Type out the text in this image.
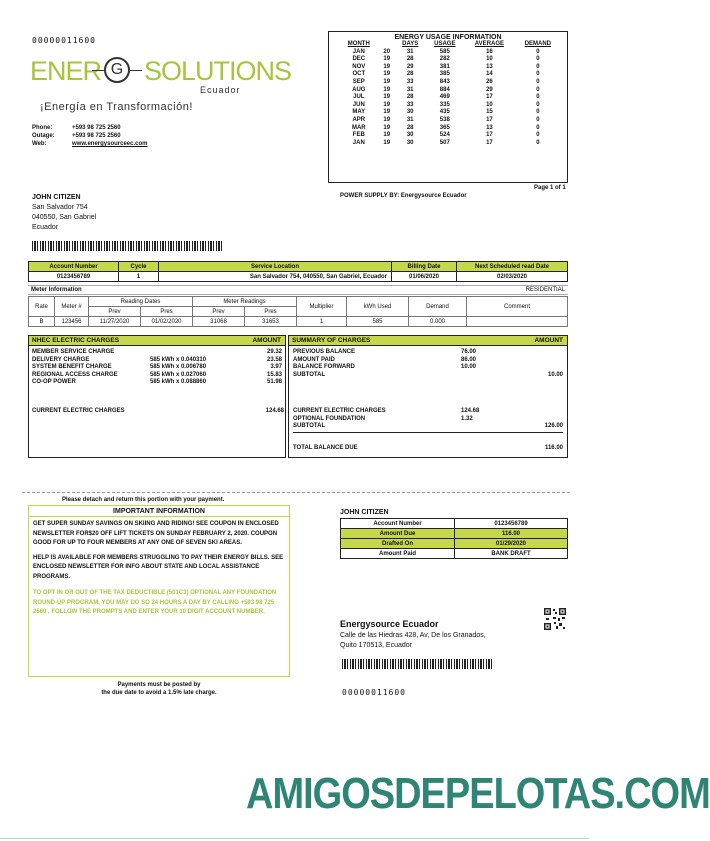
00000011600
ENER G SOLUTIONS
Ecuador
¡Energía en Transformación!
Phone:	+593 98 725 2560
Outage:	+593 98 725 2560
Web:	www.energysourceec.com
ENERGY USAGE INFORMATION
MONTH		DAYS	USAGE	AVERAGE	DEMAND
JAN	20	31	585	16	0
DEC	19	28	282	10	0
NOV	19	29	381	13	0
OCT	19	28	385	14	0
SEP	19	33	843	26	0
AUG	19	31	884	29	0
JUL	19	28	469	17	0
JUN	19	33	335	10	0
MAY	19	30	435	15	0
APR	19	31	538	17	0
MAR	19	28	365	13	0
FEB	19	30	524	17	0
JAN	19	30	507	17	0
Page 1 of 1
JOHN CITIZEN
San Salvador 754
040550, San Gabriel
Ecuador
POWER SUPPLY BY: Energysource Ecuador
Account Number	Cycle	Service Location	Billing Date	Next Scheduled read Date
0123456789	1	San Salvador 754, 040550, San Gabriel, Ecuador	01/06/2020	02/03/2020
Meter Information	RESIDENTIAL
Rate	Meter #	Reading Dates		Meter Readings		Multiplier	kWh Used	Demand	Comment
		Prev	Pres	Prev	Pres				
B	123456	11/27/2020	01/02/2020	31068	31653	1	585	0.000	
NHEC ELECTRIC CHARGES	AMOUNT
MEMBER SERVICE CHARGE	29.32
DELIVERY CHARGE	585 kWh x 0.040310	23.58
SYSTEM BENEFIT CHARGE	585 kWh x 0.006780	3.97
REGIONAL ACCESS CHARGE	585 kWh x 0.027060	15.83
CO-OP POWER	585 kWh x 0.088860	51.98
CURRENT ELECTRIC CHARGES	124.68
SUMMARY OF CHARGES	AMOUNT
PREVIOUS BALANCE	76.00
AMOUNT PAID	86.00
BALANCE FORWARD	10.00
SUBTOTAL	10.00
CURRENT ELECTRIC CHARGES	124.68
OPTIONAL FOUNDATION	1.32
SUBTOTAL	126.00
TOTAL BALANCE DUE	116.00
Please detach and return this portion with your payment.
IMPORTANT INFORMATION
GET SUPER SUNDAY SAVINGS ON SKIING AND RIDING! SEE COUPON IN ENCLOSED NEWSLETTER FOR$20 OFF LIFT TICKETS ON SUNDAY FEBRUARY 2, 2020. COUPON GOOD FOR UP TO FOUR MEMBERS AT ANY ONE OF SEVEN SKI AREAS.
HELP IS AVAILABLE FOR MEMBERS STRUGGLING TO PAY THEIR ENERGY BILLS. SEE ENCLOSED NEWSLETTER FOR INFO ABOUT STATE AND LOCAL ASSISTANCE PROGRAMS.
TO OPT IN OR OUT OF THE TAX DEDUCTIBLE (501C3) OPTIONAL ANY FOUNDATION ROUND-UP PROGRAM, YOU MAY DO SO 24 HOURS A DAY BY CALLING +593 98 725 2560 , FOLLOW THE PROMPTS AND ENTER YOUR 10 DIGIT ACCOUNT NUMBER.
Payments must be posted by
the due date to avoid a 1.5% late charge.
JOHN CITIZEN
Account Number	0123456789
Amount Due	116.00
Drafted On	01/29/2020
Amount Paid	BANK DRAFT
Energysource Ecuador
Calle de las Hiedras 428, Av, De los Granados,
Quito 170513, Ecuador
00000011600
AMIGOSDEPELOTAS.COM
